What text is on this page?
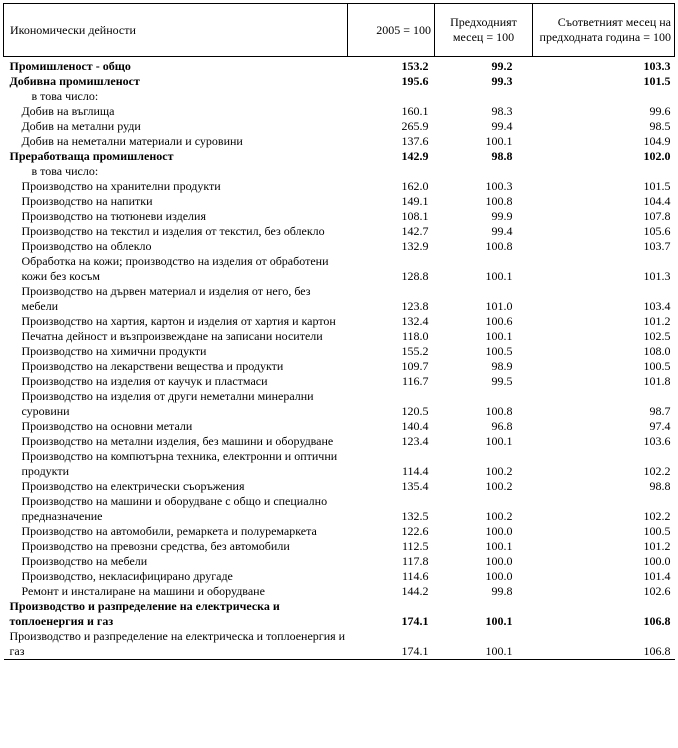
Икономически дейности	2005 = 100	Предходният месец = 100	Съответният месец на предходната година = 100
Промишленост - общо	153.2	99.2	103.3
Добивна промишленост	195.6	99.3	101.5
в това число:			
Добив на въглища	160.1	98.3	99.6
Добив на метални руди	265.9	99.4	98.5
Добив на неметални материали и суровини	137.6	100.1	104.9
Преработваща промишленост	142.9	98.8	102.0
в това число:			
Производство на хранителни продукти	162.0	100.3	101.5
Производство на напитки	149.1	100.8	104.4
Производство на тютюневи изделия	108.1	99.9	107.8
Производство на текстил и изделия от текстил, без облекло	142.7	99.4	105.6
Производство на облекло	132.9	100.8	103.7
Обработка на кожи; производство на изделия от обработени кожи без косъм	128.8	100.1	101.3
Производство на дървен материал и изделия от него, без мебели	123.8	101.0	103.4
Производство на хартия, картон и изделия от хартия и картон	132.4	100.6	101.2
Печатна дейност и възпроизвеждане на записани носители	118.0	100.1	102.5
Производство на химични продукти	155.2	100.5	108.0
Производство на лекарствени вещества и продукти	109.7	98.9	100.5
Производство на изделия от каучук и пластмаси	116.7	99.5	101.8
Производство на изделия от други неметални минерални суровини	120.5	100.8	98.7
Производство на основни метали	140.4	96.8	97.4
Производство на метални изделия, без машини и оборудване	123.4	100.1	103.6
Производство на компютърна техника, електронни и оптични продукти	114.4	100.2	102.2
Производство на електрически съоръжения	135.4	100.2	98.8
Производство на машини и оборудване с общо и специално предназначение	132.5	100.2	102.2
Производство на автомобили, ремаркета и полуремаркета	122.6	100.0	100.5
Производство на превозни средства, без автомобили	112.5	100.1	101.2
Производство на мебели	117.8	100.0	100.0
Производство, некласифицирано другаде	114.6	100.0	101.4
Ремонт и инсталиране на машини и оборудване	144.2	99.8	102.6
Производство и разпределение на електрическа и топлоенергия и газ	174.1	100.1	106.8
Производство и разпределение на електрическа и топлоенергия и газ	174.1	100.1	106.8
